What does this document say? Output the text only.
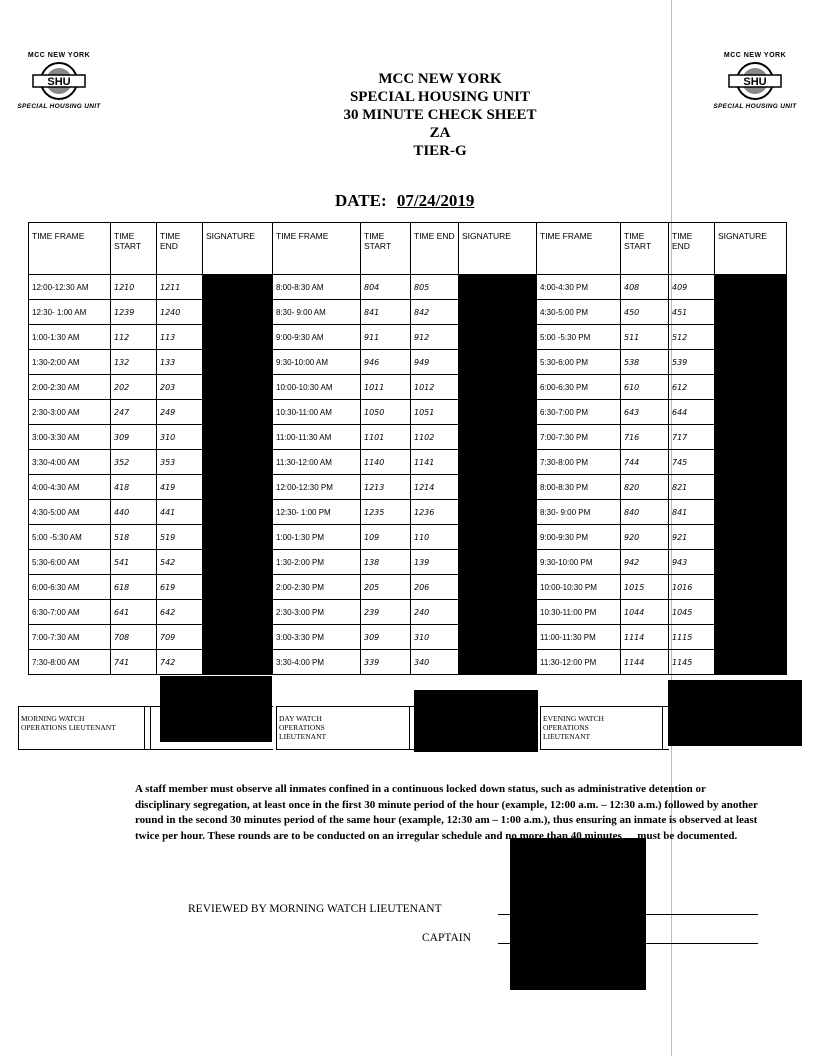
MCC NEW YORK
SHU
SPECIAL HOUSING UNIT
MCC NEW YORK
SHU
SPECIAL HOUSING UNIT
MCC NEW YORK
SPECIAL HOUSING UNIT
30 MINUTE CHECK SHEET
ZA
TIER-G
DATE: 07/24/2019
TIME FRAME	TIME START	TIME END	SIGNATURE	TIME FRAME	TIME START	TIME END	SIGNATURE	TIME FRAME	TIME START	TIME END	SIGNATURE
12:00-12:30 AM	1210	1211		8:00-8:30 AM	804	805		4:00-4:30 PM	408	409	
12:30- 1:00 AM	1239	1240		8:30- 9:00 AM	841	842		4:30-5:00 PM	450	451	
1:00-1:30 AM	112	113		9:00-9:30 AM	911	912		5:00 -5:30 PM	511	512	
1:30-2:00 AM	132	133		9:30-10:00 AM	946	949		5:30-6:00 PM	538	539	
2:00-2:30 AM	202	203		10:00-10:30 AM	1011	1012		6:00-6:30 PM	610	612	
2:30-3:00 AM	247	249		10:30-11:00 AM	1050	1051		6:30-7:00 PM	643	644	
3:00-3:30 AM	309	310		11:00-11:30 AM	1101	1102		7:00-7:30 PM	716	717	
3:30-4:00 AM	352	353		11:30-12:00 AM	1140	1141		7:30-8:00 PM	744	745	
4:00-4:30 AM	418	419		12:00-12:30 PM	1213	1214		8:00-8:30 PM	820	821	
4:30-5:00 AM	440	441		12:30- 1:00 PM	1235	1236		8:30- 9:00 PM	840	841	
5:00 -5:30 AM	518	519		1:00-1:30 PM	109	110		9:00-9:30 PM	920	921	
5:30-6:00 AM	541	542		1:30-2:00 PM	138	139		9:30-10:00 PM	942	943	
6:00-6:30 AM	618	619		2:00-2:30 PM	205	206		10:00-10:30 PM	1015	1016	
6:30-7:00 AM	641	642		2:30-3:00 PM	239	240		10:30-11:00 PM	1044	1045	
7:00-7:30 AM	708	709		3:00-3:30 PM	309	310		11:00-11:30 PM	1114	1115	
7:30-8:00 AM	741	742		3:30-4:00 PM	339	340		11:30-12:00 PM	1144	1145	
MORNING WATCH OPERATIONS LIEUTENANT
DAY WATCH OPERATIONS LIEUTENANT
EVENING WATCH OPERATIONS LIEUTENANT
A staff member must observe all inmates confined in a continuous locked down status, such as administrative detention or disciplinary segregation, at least once in the first 30 minute period of the hour (example, 12:00 a.m. – 12:30 a.m.) followed by another round in the second 30 minutes period of the same hour (example, 12:30 am – 1:00 a.m.), thus ensuring an inmate is observed at least twice per hour. These rounds are to be conducted on an irregular schedule and no more than 40 minutes must be documented.
REVIEWED BY MORNING WATCH LIEUTENANT
CAPTAIN
